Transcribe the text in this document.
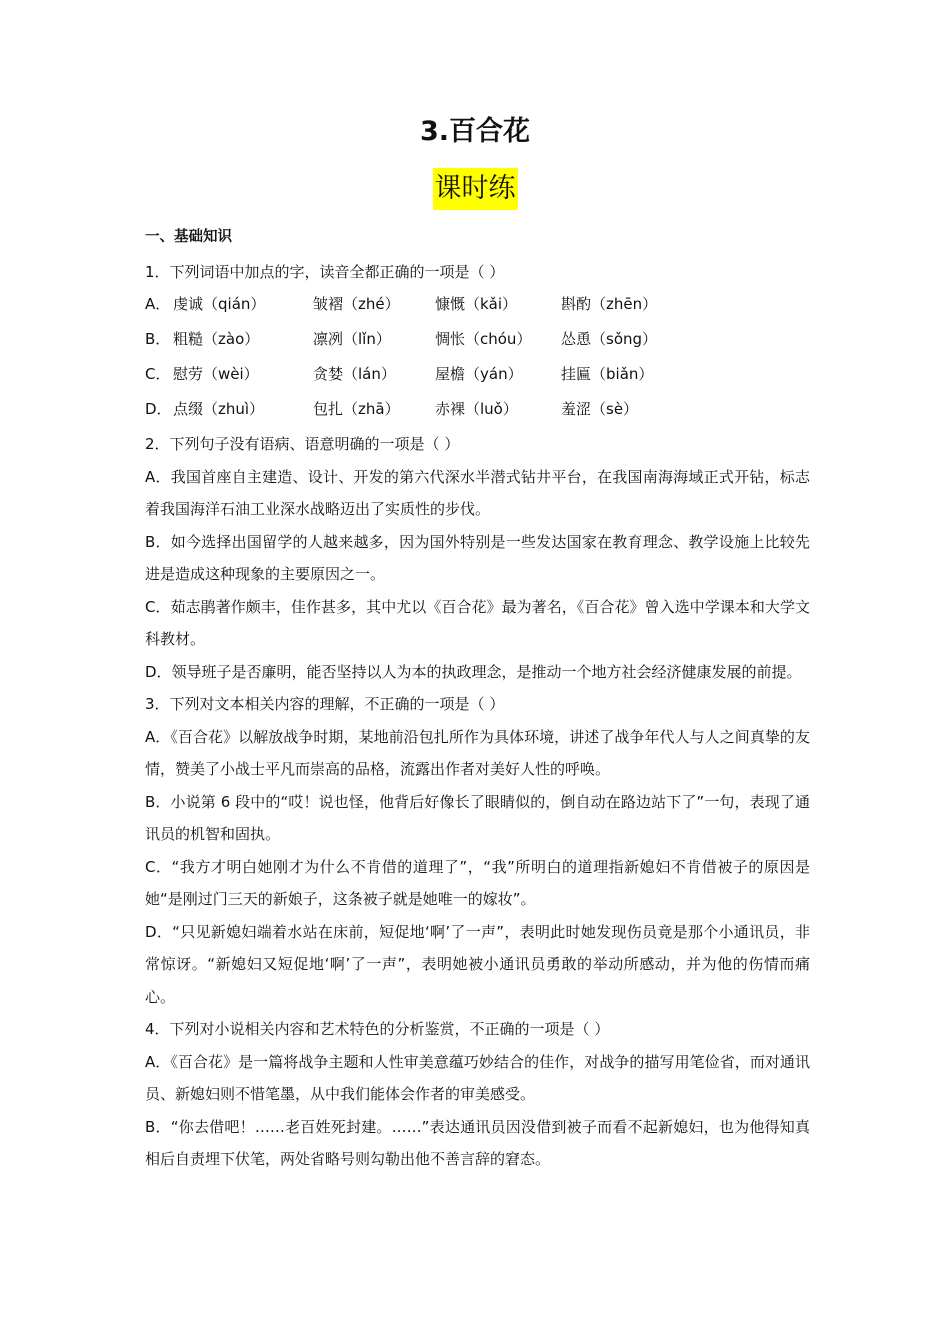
3.百合花
课时练
一、基础知识
1．下列词语中加点的字，读音全都正确的一项是（ ）
A． 虔诚（qián）	皱褶（zhé）	慷慨（kǎi）	斟酌（zhēn）
B． 粗糙（zào）	凛冽（lǐn）	惆怅（chóu）	怂恿（sǒng）
C． 慰劳（wèi）	贪婪（lán）	屋檐（yán）	挂匾（biǎn）
D． 点缀（zhuì）	包扎（zhā）	赤裸（luǒ）	羞涩（sè）
2．下列句子没有语病、语意明确的一项是（ ）

A．我国首座自主建造、设计、开发的第六代深水半潜式钻井平台，在我国南海海域正式开钻，标志着我国海洋石油工业深水战略迈出了实质性的步伐。

B．如今选择出国留学的人越来越多，因为国外特别是一些发达国家在教育理念、教学设施上比较先进是造成这种现象的主要原因之一。

C．茹志鹃著作颇丰，佳作甚多，其中尤以《百合花》最为著名，《百合花》曾入选中学课本和大学文科教材。

D．领导班子是否廉明，能否坚持以人为本的执政理念，是推动一个地方社会经济健康发展的前提。

3．下列对文本相关内容的理解，不正确的一项是（ ）

A．《百合花》以解放战争时期，某地前沿包扎所作为具体环境，讲述了战争年代人与人之间真挚的友情，赞美了小战士平凡而崇高的品格，流露出作者对美好人性的呼唤。

B．小说第 6 段中的“哎！说也怪，他背后好像长了眼睛似的，倒自动在路边站下了”一句，表现了通讯员的机智和固执。

C．“我方才明白她刚才为什么不肯借的道理了”，“我”所明白的道理指新媳妇不肯借被子的原因是她“是刚过门三天的新娘子，这条被子就是她唯一的嫁妆”。

D．“只见新媳妇端着水站在床前，短促地‘啊’了一声”，表明此时她发现伤员竟是那个小通讯员，非常惊讶。“新媳妇又短促地‘啊’了一声”，表明她被小通讯员勇敢的举动所感动，并为他的伤情而痛心。

4．下列对小说相关内容和艺术特色的分析鉴赏，不正确的一项是（ ）

A．《百合花》是一篇将战争主题和人性审美意蕴巧妙结合的佳作，对战争的描写用笔俭省，而对通讯员、新媳妇则不惜笔墨，从中我们能体会作者的审美感受。

B．“你去借吧！……老百姓死封建。……”表达通讯员因没借到被子而看不起新媳妇，也为他得知真相后自责埋下伏笔，两处省略号则勾勒出他不善言辞的窘态。
